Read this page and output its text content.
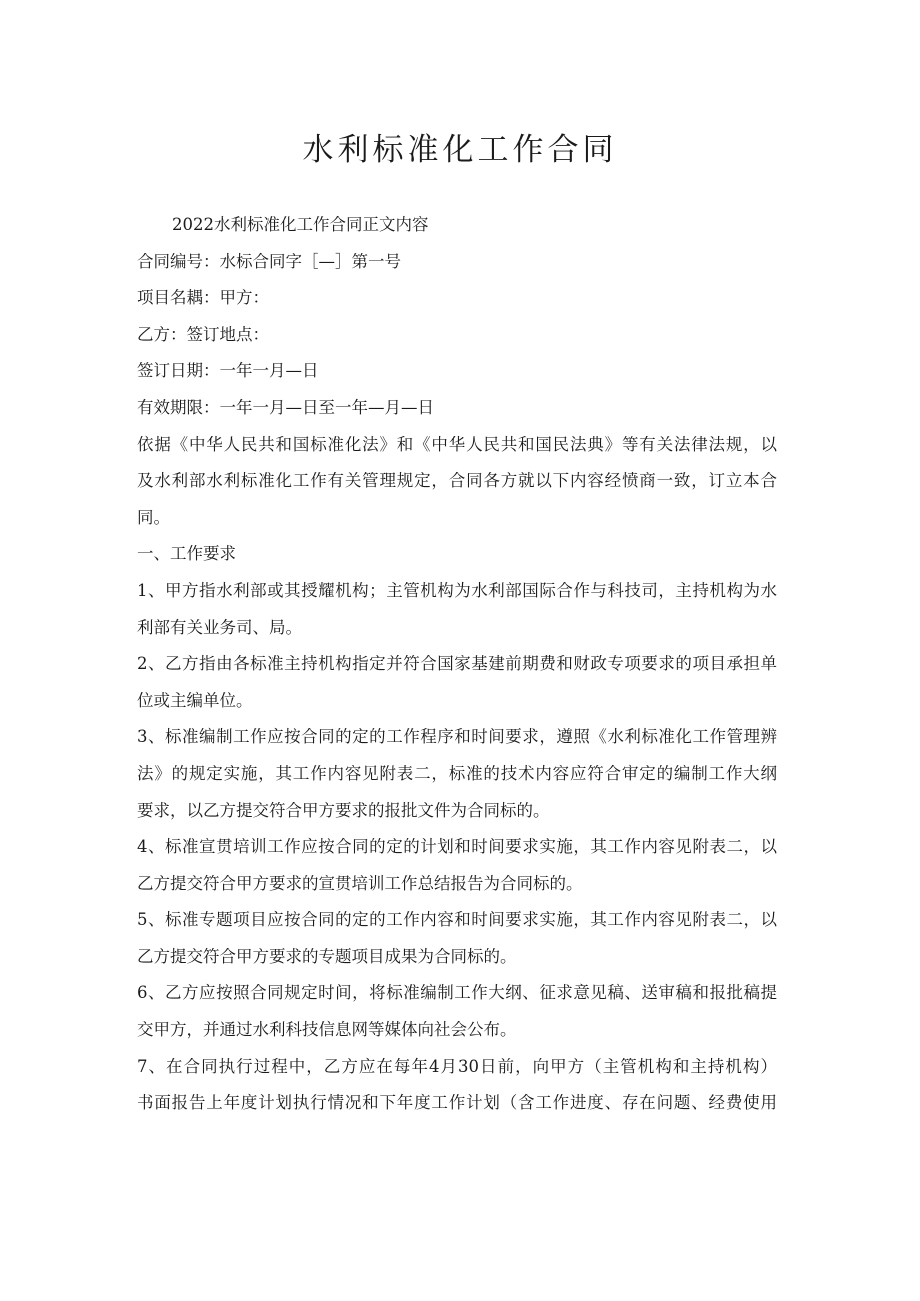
水利标准化工作合同
2022水利标准化工作合同正文内容
合同编号：水标合同字［—］第一号
项目名耦：甲方：
乙方：签订地点：
签订日期：一年一月—日
有效期限：一年一月—日至一年—月—日
依据《中华人民共和国标准化法》和《中华人民共和国民法典》等有关法律法规，以
及水利部水利标准化工作有关管理规定，合同各方就以下内容经愤商一致，订立本合
同。
一、工作要求
1、甲方指水利部或其授耀机构；主管机构为水利部国际合作与科技司，主持机构为水
利部有关业务司、局。
2、乙方指由各标准主持机构指定并符合国家基建前期费和财政专项要求的项目承担单
位或主编单位。
3、标准编制工作应按合同的定的工作程序和时间要求，遵照《水利标准化工作管理辨
法》的规定实施，其工作内容见附表二，标准的技术内容应符合审定的编制工作大纲
要求，以乙方提交符合甲方要求的报批文件为合同标的。
4、标准宣贯培训工作应按合同的定的计划和时间要求实施，其工作内容见附表二，以
乙方提交符合甲方要求的宣贯培训工作总结报告为合同标的。
5、标准专题项目应按合同的定的工作内容和时间要求实施，其工作内容见附表二，以
乙方提交符合甲方要求的专题项目成果为合同标的。
6、乙方应按照合同规定时间，将标准编制工作大纲、征求意见稿、送审稿和报批稿提
交甲方，并通过水利科技信息网等媒体向社会公布。
7、在合同执行过程中，乙方应在每年4月30日前，向甲方（主管机构和主持机构）
书面报告上年度计划执行情况和下年度工作计划（含工作进度、存在问题、经费使用
